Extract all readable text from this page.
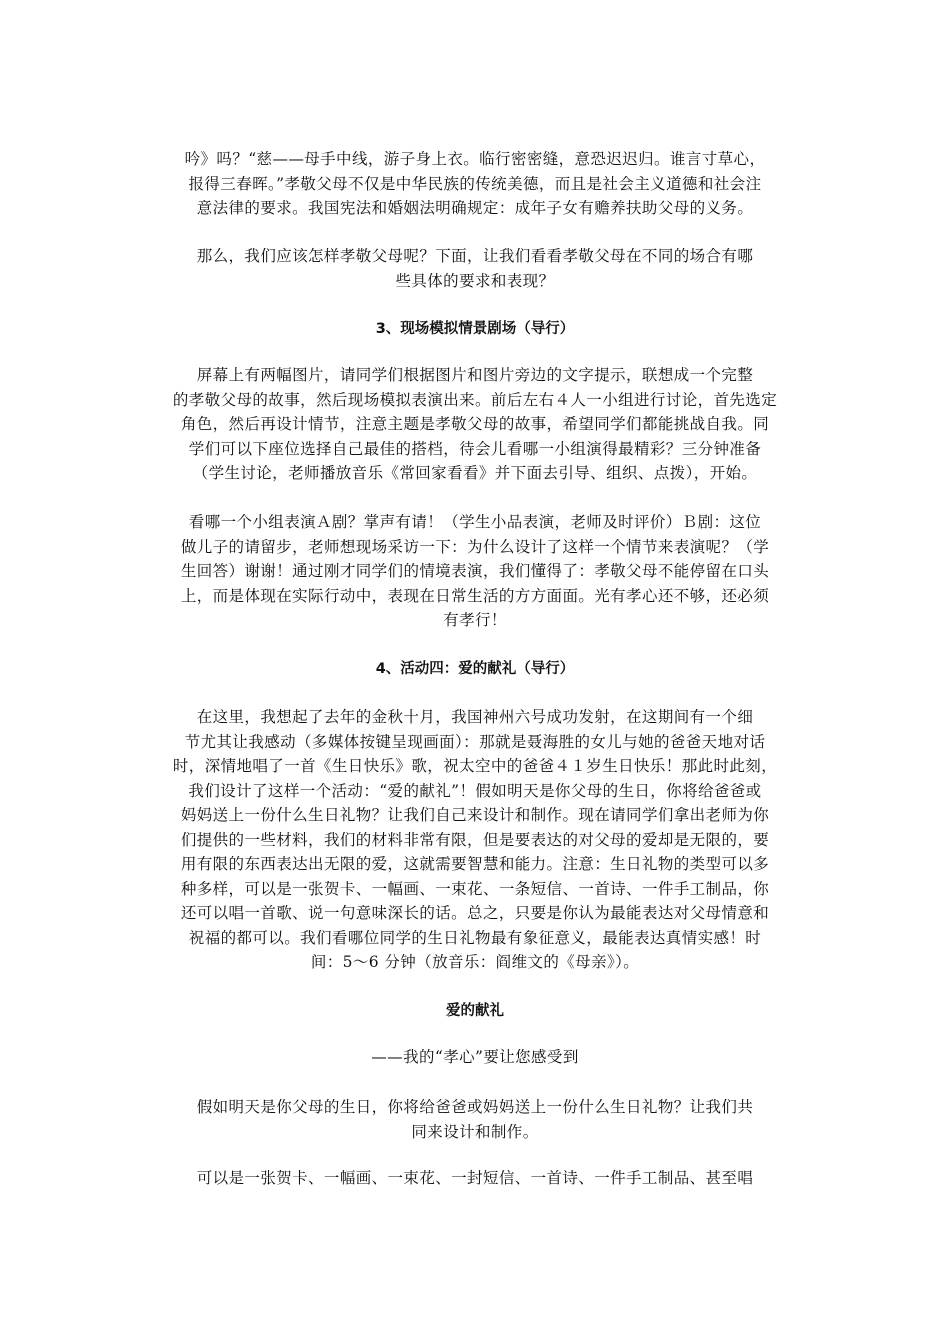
吟》吗？“慈——母手中线，游子身上衣。临行密密缝，意恐迟迟归。谁言寸草心，
报得三春晖。”孝敬父母不仅是中华民族的传统美德，而且是社会主义道德和社会注
意法律的要求。我国宪法和婚姻法明确规定：成年子女有赡养扶助父母的义务。
那么，我们应该怎样孝敬父母呢？下面，让我们看看孝敬父母在不同的场合有哪
些具体的要求和表现？
3、现场模拟情景剧场（导行）
屏幕上有两幅图片，请同学们根据图片和图片旁边的文字提示，联想成一个完整
的孝敬父母的故事，然后现场模拟表演出来。前后左右４人一小组进行讨论，首先选定
角色，然后再设计情节，注意主题是孝敬父母的故事，希望同学们都能挑战自我。同
学们可以下座位选择自己最佳的搭档，待会儿看哪一小组演得最精彩？三分钟准备
（学生讨论，老师播放音乐《常回家看看》并下面去引导、组织、点拨），开始。
看哪一个小组表演Ａ剧？掌声有请！（学生小品表演，老师及时评价）Ｂ剧：这位
做儿子的请留步，老师想现场采访一下：为什么设计了这样一个情节来表演呢？（学
生回答）谢谢！通过刚才同学们的情境表演，我们懂得了：孝敬父母不能停留在口头
上，而是体现在实际行动中，表现在日常生活的方方面面。光有孝心还不够，还必须
有孝行！
4、活动四：爱的献礼（导行）
在这里，我想起了去年的金秋十月，我国神州六号成功发射，在这期间有一个细
节尤其让我感动（多媒体按键呈现画面）：那就是聂海胜的女儿与她的爸爸天地对话
时，深情地唱了一首《生日快乐》歌，祝太空中的爸爸４１岁生日快乐！那此时此刻，
我们设计了这样一个活动：“爱的献礼”！假如明天是你父母的生日，你将给爸爸或
妈妈送上一份什么生日礼物？让我们自己来设计和制作。现在请同学们拿出老师为你
们提供的一些材料，我们的材料非常有限，但是要表达的对父母的爱却是无限的，要
用有限的东西表达出无限的爱，这就需要智慧和能力。注意：生日礼物的类型可以多
种多样，可以是一张贺卡、一幅画、一束花、一条短信、一首诗、一件手工制品，你
还可以唱一首歌、说一句意味深长的话。总之，只要是你认为最能表达对父母情意和
祝福的都可以。我们看哪位同学的生日礼物最有象征意义，最能表达真情实感！时
间：5～6 分钟（放音乐：阎维文的《母亲》）。
爱的献礼
——我的“孝心”要让您感受到
假如明天是你父母的生日，你将给爸爸或妈妈送上一份什么生日礼物？让我们共
同来设计和制作。
可以是一张贺卡、一幅画、一束花、一封短信、一首诗、一件手工制品、甚至唱
